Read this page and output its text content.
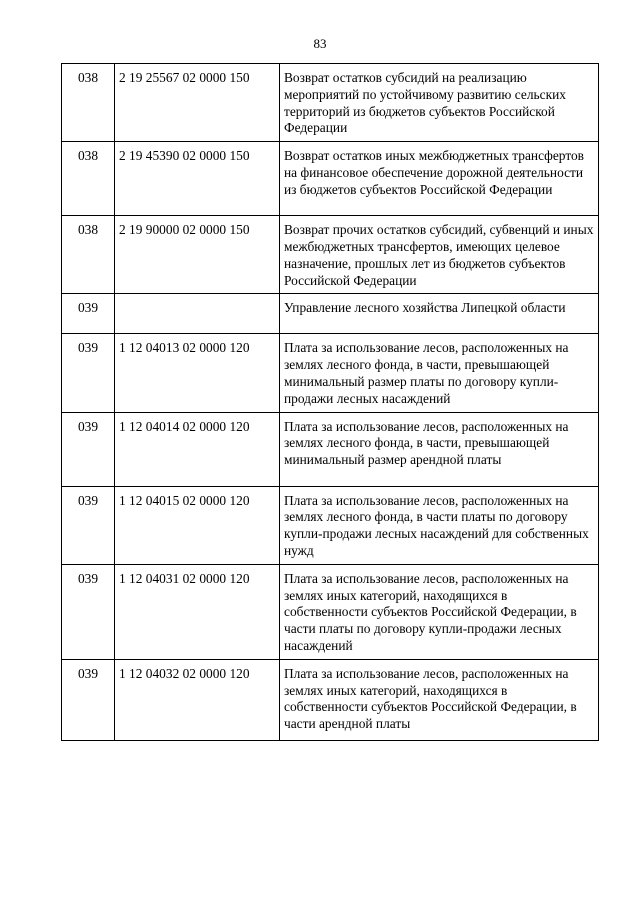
83
038	2 19 25567 02 0000 150	Возврат остатков субсидий на реализацию мероприятий по устойчивому развитию сельских территорий из бюджетов субъектов Российской Федерации
038	2 19 45390 02 0000 150	Возврат остатков иных межбюджетных трансфертов на финансовое обеспечение дорожной деятельности из бюджетов субъектов Российской Федерации
038	2 19 90000 02 0000 150	Возврат прочих остатков субсидий, субвенций и иных межбюджетных трансфертов, имеющих целевое назначение, прошлых лет из бюджетов субъектов Российской Федерации
039		Управление лесного хозяйства Липецкой области
039	1 12 04013 02 0000 120	Плата за использование лесов, расположенных на землях лесного фонда, в части, превышающей минимальный размер платы по договору купли-продажи лесных насаждений
039	1 12 04014 02 0000 120	Плата за использование лесов, расположенных на землях лесного фонда, в части, превышающей минимальный размер арендной платы
039	1 12 04015 02 0000 120	Плата за использование лесов, расположенных на землях лесного фонда, в части платы по договору купли-продажи лесных насаждений для собственных нужд
039	1 12 04031 02 0000 120	Плата за использование лесов, расположенных на землях иных категорий, находящихся в собственности субъектов Российской Федерации, в части платы по договору купли-продажи лесных насаждений
039	1 12 04032 02 0000 120	Плата за использование лесов, расположенных на землях иных категорий, находящихся в собственности субъектов Российской Федерации, в части арендной платы
